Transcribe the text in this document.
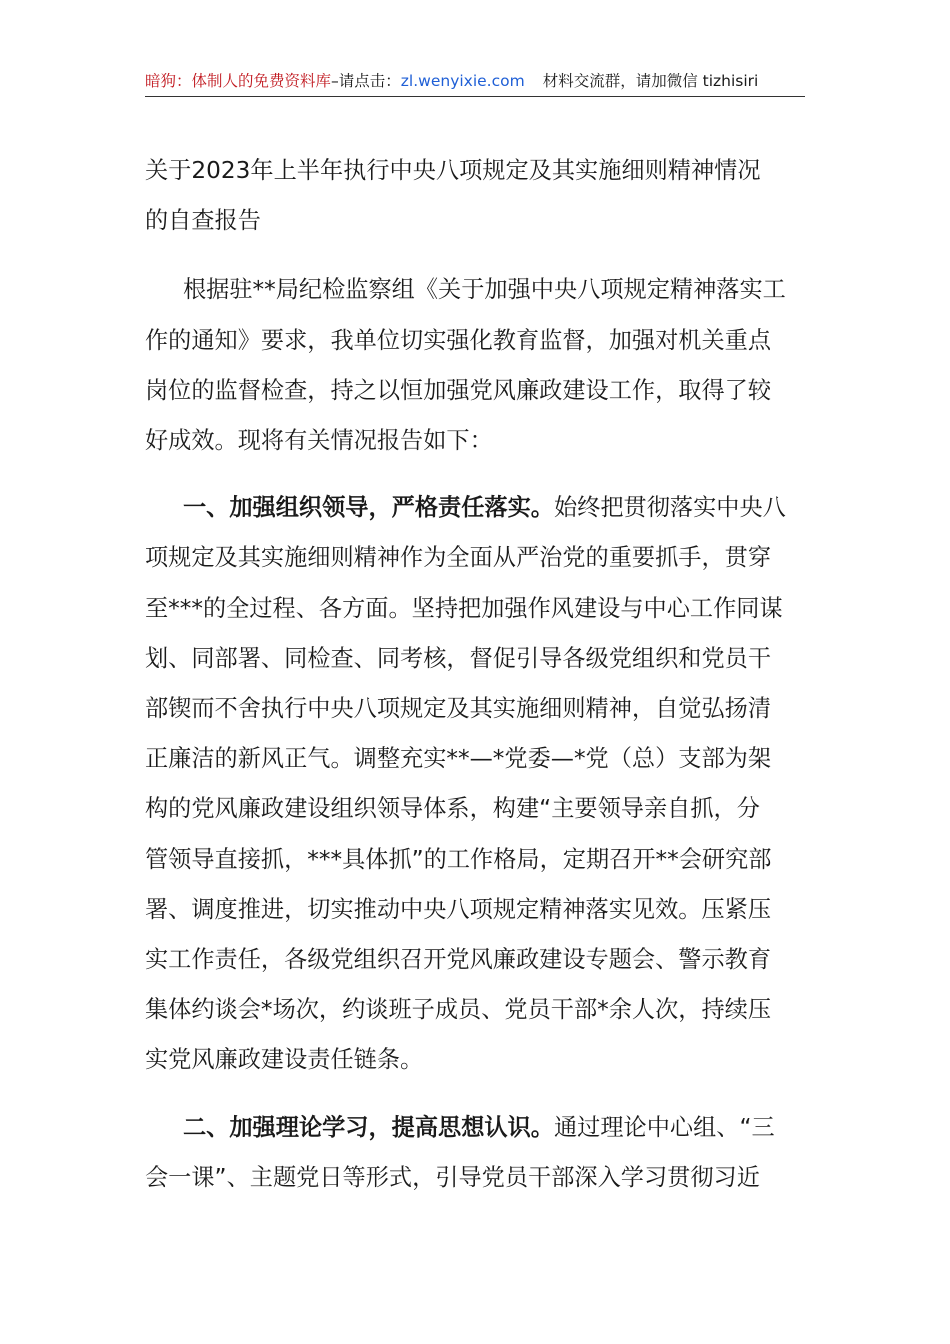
暗狗：体制人的免费资料库–请点击：zl.wenyixie.com 材料交流群，请加微信 tizhisiri
关于2023年上半年执行中央八项规定及其实施细则精神情况
的自查报告

根据驻**局纪检监察组《关于加强中央八项规定精神落实工
作的通知》要求，我单位切实强化教育监督，加强对机关重点
岗位的监督检查，持之以恒加强党风廉政建设工作，取得了较
好成效。现将有关情况报告如下：

一、加强组织领导，严格责任落实。始终把贯彻落实中央八
项规定及其实施细则精神作为全面从严治党的重要抓手，贯穿
至***的全过程、各方面。坚持把加强作风建设与中心工作同谋
划、同部署、同检查、同考核，督促引导各级党组织和党员干
部锲而不舍执行中央八项规定及其实施细则精神，自觉弘扬清
正廉洁的新风正气。调整充实**—*党委—*党（总）支部为架
构的党风廉政建设组织领导体系，构建“主要领导亲自抓，分
管领导直接抓，***具体抓”的工作格局，定期召开**会研究部
署、调度推进，切实推动中央八项规定精神落实见效。压紧压
实工作责任，各级党组织召开党风廉政建设专题会、警示教育
集体约谈会*场次，约谈班子成员、党员干部*余人次，持续压
实党风廉政建设责任链条。

二、加强理论学习，提高思想认识。通过理论中心组、“三
会一课”、主题党日等形式，引导党员干部深入学习贯彻习近
